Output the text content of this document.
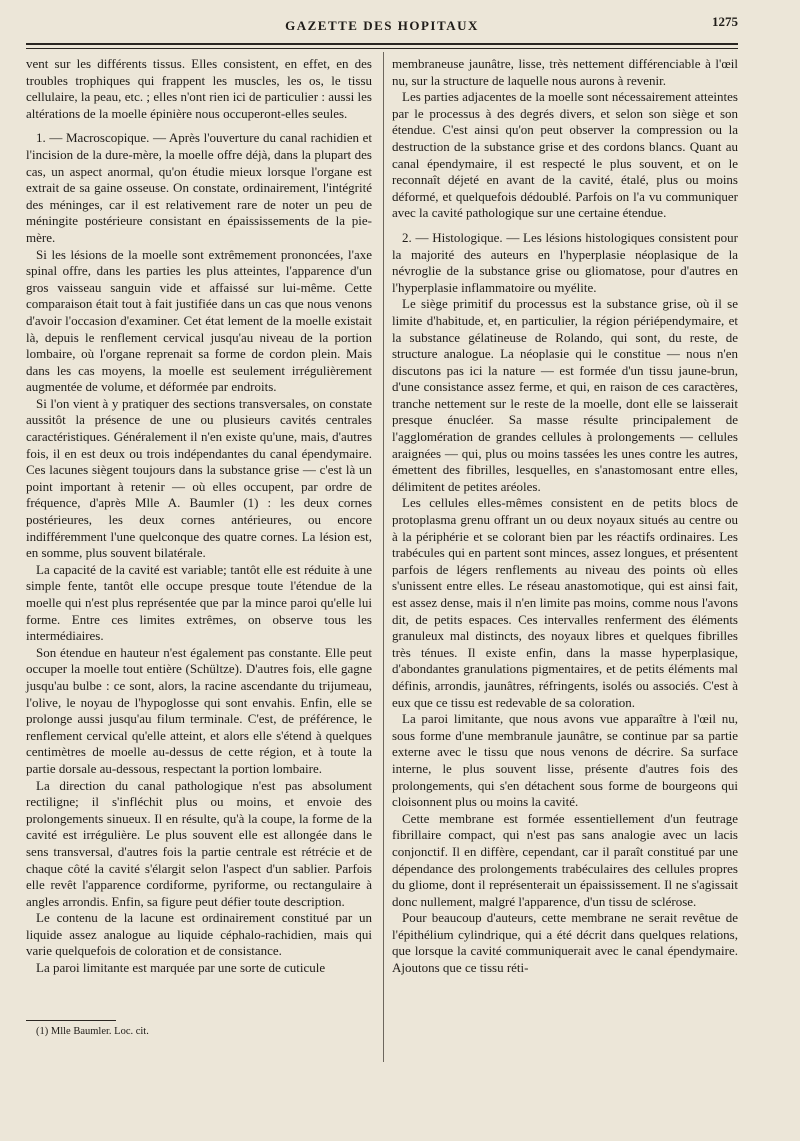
GAZETTE DES HOPITAUX	1275

vent sur les différents tissus. Elles consistent, en effet, en des troubles trophiques qui frappent les muscles, les os, le tissu cellulaire, la peau, etc. ; elles n'ont rien ici de particulier : aussi les altérations de la moelle épinière nous occuperont-elles seules.

1. — Macroscopique. — Après l'ouverture du canal rachidien et l'incision de la dure-mère, la moelle offre déjà, dans la plupart des cas, un aspect anormal, qu'on étudie mieux lorsque l'organe est extrait de sa gaine osseuse. On constate, ordinairement, l'intégrité des méninges, car il est relativement rare de noter un peu de méningite postérieure consistant en épaississements de la pie-mère.

Si les lésions de la moelle sont extrêmement prononcées, l'axe spinal offre, dans les parties les plus atteintes, l'apparence d'un gros vaisseau sanguin vide et affaissé sur lui-même. Cette comparaison était tout à fait justifiée dans un cas que nous venons d'avoir l'occasion d'examiner. Cet état lement de la moelle existait là, depuis le renflement cervical jusqu'au niveau de la portion lombaire, où l'organe reprenait sa forme de cordon plein. Mais dans les cas moyens, la moelle est seulement irrégulièrement augmentée de volume, et déformée par endroits.

Si l'on vient à y pratiquer des sections transversales, on constate aussitôt la présence de une ou plusieurs cavités centrales caractéristiques. Généralement il n'en existe qu'une, mais, d'autres fois, il en est deux ou trois indépendantes du canal épendymaire. Ces lacunes siègent toujours dans la substance grise — c'est là un point important à retenir — où elles occupent, par ordre de fréquence, d'après Mlle A. Baumler (1) : les deux cornes postérieures, les deux cornes antérieures, ou encore indifféremment l'une quelconque des quatre cornes. La lésion est, en somme, plus souvent bilatérale.

La capacité de la cavité est variable; tantôt elle est réduite à une simple fente, tantôt elle occupe presque toute l'étendue de la moelle qui n'est plus représentée que par la mince paroi qu'elle lui forme. Entre ces limites extrêmes, on observe tous les intermédiaires.

Son étendue en hauteur n'est également pas constante. Elle peut occuper la moelle tout entière (Schültze). D'autres fois, elle gagne jusqu'au bulbe : ce sont, alors, la racine ascendante du trijumeau, l'olive, le noyau de l'hypoglosse qui sont envahis. Enfin, elle se prolonge aussi jusqu'au filum terminale. C'est, de préférence, le renflement cervical qu'elle atteint, et alors elle s'étend à quelques centimètres de moelle au-dessus de cette région, et à toute la partie dorsale au-dessous, respectant la portion lombaire.

La direction du canal pathologique n'est pas absolument rectiligne; il s'infléchit plus ou moins, et envoie des prolongements sinueux. Il en résulte, qu'à la coupe, la forme de la cavité est irrégulière. Le plus souvent elle est allongée dans le sens transversal, d'autres fois la partie centrale est rétrécie et de chaque côté la cavité s'élargit selon l'aspect d'un sablier. Parfois elle revêt l'apparence cordiforme, pyriforme, ou rectangulaire à angles arrondis. Enfin, sa figure peut défier toute description.

Le contenu de la lacune est ordinairement constitué par un liquide assez analogue au liquide céphalo-rachidien, mais qui varie quelquefois de coloration et de consistance.

La paroi limitante est marquée par une sorte de cuticule

membraneuse jaunâtre, lisse, très nettement différenciable à l'œil nu, sur la structure de laquelle nous aurons à revenir.

Les parties adjacentes de la moelle sont nécessairement atteintes par le processus à des degrés divers, et selon son siège et son étendue. C'est ainsi qu'on peut observer la compression ou la destruction de la substance grise et des cordons blancs. Quant au canal épendymaire, il est respecté le plus souvent, et on le reconnaît déjeté en avant de la cavité, étalé, plus ou moins déformé, et quelquefois dédoublé. Parfois on l'a vu communiquer avec la cavité pathologique sur une certaine étendue.

2. — Histologique. — Les lésions histologiques consistent pour la majorité des auteurs en l'hyperplasie néoplasique de la névroglie de la substance grise ou gliomatose, pour d'autres en l'hyperplasie inflammatoire ou myélite.

Le siège primitif du processus est la substance grise, où il se limite d'habitude, et, en particulier, la région périépendymaire, et la substance gélatineuse de Rolando, qui sont, du reste, de structure analogue. La néoplasie qui le constitue — nous n'en discutons pas ici la nature — est formée d'un tissu jaune-brun, d'une consistance assez ferme, et qui, en raison de ces caractères, tranche nettement sur le reste de la moelle, dont elle se laisserait presque énucléer. Sa masse résulte principalement de l'agglomération de grandes cellules à prolongements — cellules araignées — qui, plus ou moins tassées les unes contre les autres, émettent des fibrilles, lesquelles, en s'anastomosant entre elles, délimitent de petites aréoles.

Les cellules elles-mêmes consistent en de petits blocs de protoplasma grenu offrant un ou deux noyaux situés au centre ou à la périphérie et se colorant bien par les réactifs ordinaires. Les trabécules qui en partent sont minces, assez longues, et présentent parfois de légers renflements au niveau des points où elles s'unissent entre elles. Le réseau anastomotique, qui est ainsi fait, est assez dense, mais il n'en limite pas moins, comme nous l'avons dit, de petits espaces. Ces intervalles renferment des éléments granuleux mal distincts, des noyaux libres et quelques fibrilles très ténues. Il existe enfin, dans la masse hyperplasique, d'abondantes granulations pigmentaires, et de petits éléments mal définis, arrondis, jaunâtres, réfringents, isolés ou associés. C'est à eux que ce tissu est redevable de sa coloration.

La paroi limitante, que nous avons vue apparaître à l'œil nu, sous forme d'une membranule jaunâtre, se continue par sa partie externe avec le tissu que nous venons de décrire. Sa surface interne, le plus souvent lisse, présente d'autres fois des prolongements, qui s'en détachent sous forme de bourgeons qui cloisonnent plus ou moins la cavité.

Cette membrane est formée essentiellement d'un feutrage fibrillaire compact, qui n'est pas sans analogie avec un lacis conjonctif. Il en diffère, cependant, car il paraît constitué par une dépendance des prolongements trabéculaires des cellules propres du gliome, dont il représenterait un épaississement. Il ne s'agissait donc nullement, malgré l'apparence, d'un tissu de sclérose.

Pour beaucoup d'auteurs, cette membrane ne serait revêtue de l'épithélium cylindrique, qui a été décrit dans quelques relations, que lorsque la cavité communiquerait avec le canal épendymaire. Ajoutons que ce tissu réti-

(1) Mlle Baumler. Loc. cit.
